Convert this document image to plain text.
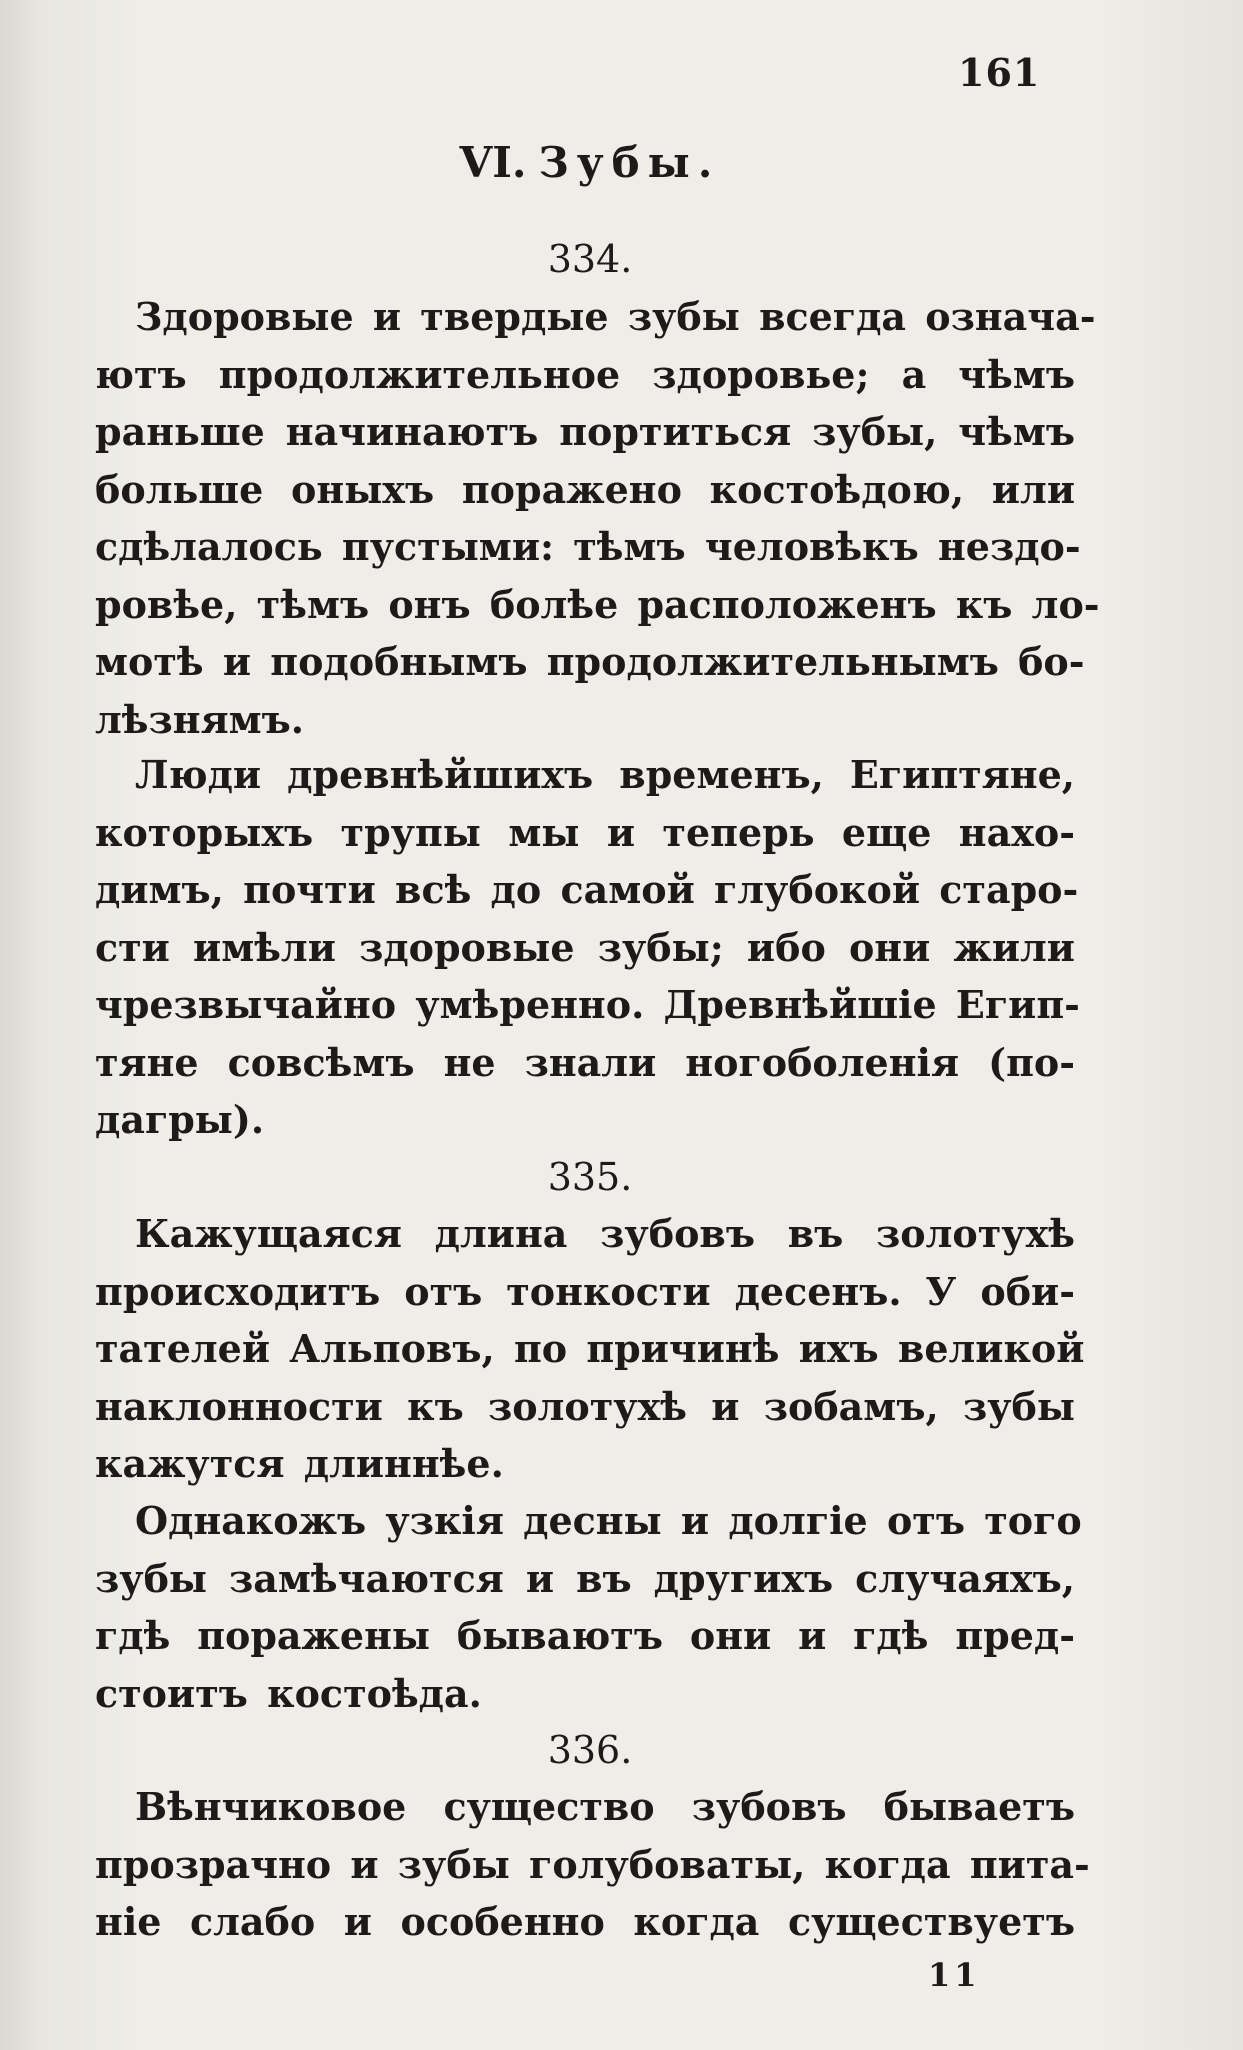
161
VI. Зубы.
334.
Здоровые и твердые зубы всегда означа-
ютъ продолжительное здоровье; а чѣмъ
раньше начинаютъ портиться зубы, чѣмъ
больше оныхъ поражено костоѣдою, или
сдѣлалось пустыми: тѣмъ человѣкъ нездо-
ровѣе, тѣмъ онъ болѣе расположенъ къ ло-
мотѣ и подобнымъ продолжительнымъ бо-
лѣзнямъ.
Люди древнѣйшихъ временъ, Египтяне,
которыхъ трупы мы и теперь еще нахо-
димъ, почти всѣ до самой глубокой старо-
сти имѣли здоровые зубы; ибо они жили
чрезвычайно умѣренно. Древнѣйшіе Егип-
тяне совсѣмъ не знали ногоболенія (по-
дагры).
335.
Кажущаяся длина зубовъ въ золотухѣ
происходитъ отъ тонкости десенъ. У оби-
тателей Альповъ, по причинѣ ихъ великой
наклонности къ золотухѣ и зобамъ, зубы
кажутся длиннѣе.
Однакожъ узкія десны и долгіе отъ того
зубы замѣчаются и въ другихъ случаяхъ,
гдѣ поражены бываютъ они и гдѣ пред-
стоитъ костоѣда.
336.
Вѣнчиковое существо зубовъ бываетъ
прозрачно и зубы голубоваты, когда пита-
ніе слабо и особенно когда существуетъ
11
